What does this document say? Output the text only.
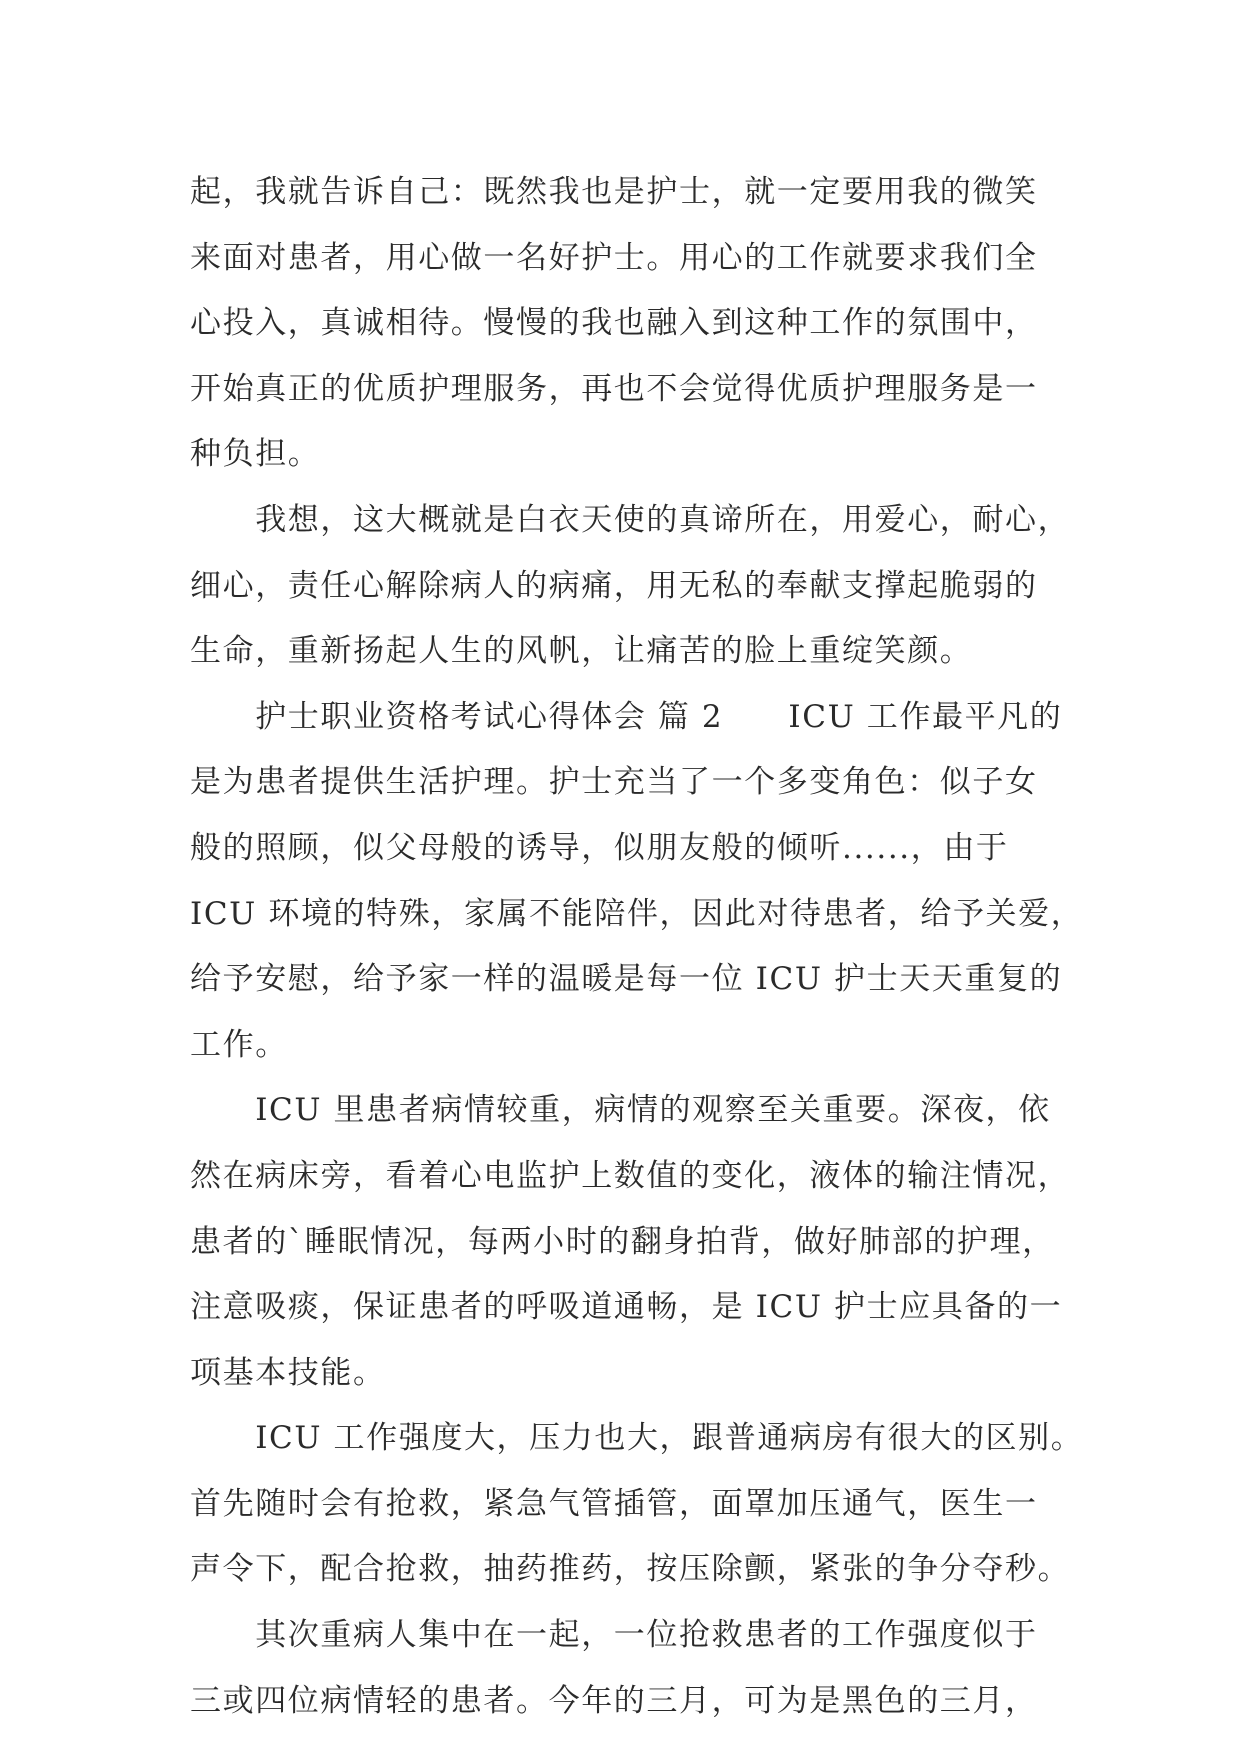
起，我就告诉自己：既然我也是护士，就一定要用我的微笑
来面对患者，用心做一名好护士。用心的工作就要求我们全
心投入，真诚相待。慢慢的我也融入到这种工作的氛围中，
开始真正的优质护理服务，再也不会觉得优质护理服务是一
种负担。
　　我想，这大概就是白衣天使的真谛所在，用爱心，耐心，
细心，责任心解除病人的病痛，用无私的奉献支撑起脆弱的
生命，重新扬起人生的风帆，让痛苦的脸上重绽笑颜。
　　护士职业资格考试心得体会 篇 2　　ICU 工作最平凡的
是为患者提供生活护理。护士充当了一个多变角色：似子女
般的照顾，似父母般的诱导，似朋友般的倾听......，由于
ICU 环境的特殊，家属不能陪伴，因此对待患者，给予关爱，
给予安慰，给予家一样的温暖是每一位 ICU 护士天天重复的
工作。
　　ICU 里患者病情较重，病情的观察至关重要。深夜，依
然在病床旁，看着心电监护上数值的变化，液体的输注情况，
患者的`睡眠情况，每两小时的翻身拍背，做好肺部的护理，
注意吸痰，保证患者的呼吸道通畅，是 ICU 护士应具备的一
项基本技能。
　　ICU 工作强度大，压力也大，跟普通病房有很大的区别。
首先随时会有抢救，紧急气管插管，面罩加压通气，医生一
声令下，配合抢救，抽药推药，按压除颤，紧张的争分夺秒。
　　其次重病人集中在一起，一位抢救患者的工作强度似于
三或四位病情轻的患者。今年的三月，可为是黑色的三月，
